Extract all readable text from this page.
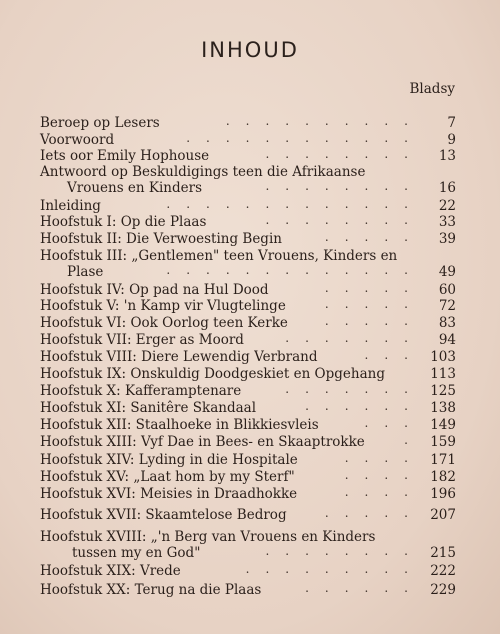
INHOUD
Bladsy
Beroep op Lesers	..........	7
Voorwoord	............	9
Iets oor Emily Hophouse	........	13
Antwoord op Beskuldigings teen die Afrikaanse
Vrouens en Kinders	........	16
Inleiding	.............	22
Hoofstuk I: Op die Plaas	........	33
Hoofstuk II: Die Verwoesting Begin	.....	39
Hoofstuk III: „Gentlemen" teen Vrouens, Kinders en
Plase	.............	49
Hoofstuk IV: Op pad na Hul Dood	.....	60
Hoofstuk V: 'n Kamp vir Vlugtelinge	.....	72
Hoofstuk VI: Ook Oorlog teen Kerke	.....	83
Hoofstuk VII: Erger as Moord	.......	94
Hoofstuk VIII: Diere Lewendig Verbrand	... 103
Hoofstuk IX: Onskuldig Doodgeskiet en Opgehang	113
Hoofstuk X: Kafferamptenare	....... 125
Hoofstuk XI: Sanitêre Skandaal	...... 138
Hoofstuk XII: Staalhoeke in Blikkiesvleis	... 149
Hoofstuk XIII: Vyf Dae in Bees- en Skaaptrokke	. 159
Hoofstuk XIV: Lyding in die Hospitale	.... 171
Hoofstuk XV: „Laat hom by my Sterf"	.... 182
Hoofstuk XVI: Meisies in Draadhokke	.... 196
Hoofstuk XVII: Skaamtelose Bedrog	..... 207
Hoofstuk XVIII: „'n Berg van Vrouens en Kinders
tussen my en God"	........ 215
Hoofstuk XIX: Vrede	......... 222
Hoofstuk XX: Terug na die Plaas	...... 229
